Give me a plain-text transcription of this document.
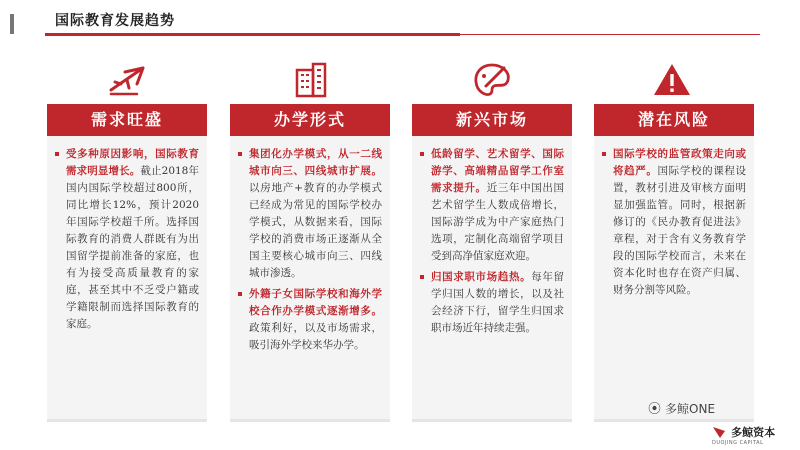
国际教育发展趋势
需求旺盛
受多种原因影响，国际教育需求明显增长。截止2018年国内国际学校超过800所，同比增长12%，预计2020年国际学校超千所。选择国际教育的消费人群既有为出国留学提前准备的家庭，也有为接受高质量教育的家庭，甚至其中不乏受户籍或学籍限制而选择国际教育的家庭。
办学形式
集团化办学模式，从一二线城市向三、四线城市扩展。以房地产+教育的办学模式已经成为常见的国际学校办学模式，从数据来看，国际学校的消费市场正逐渐从全国主要核心城市向三、四线城市渗透。
外籍子女国际学校和海外学校合作办学模式逐渐增多。政策利好，以及市场需求，吸引海外学校来华办学。
新兴市场
低龄留学、艺术留学、国际游学、高端精品留学工作室需求提升。近三年中国出国艺术留学生人数成倍增长，国际游学成为中产家庭热门选项，定制化高端留学项目受到高净值家庭欢迎。
归国求职市场趋热。每年留学归国人数的增长，以及社会经济下行，留学生归国求职市场近年持续走强。
潜在风险
国际学校的监管政策走向或将趋严。国际学校的课程设置，教材引进及审核方面明显加强监管。同时，根据新修订的《民办教育促进法》章程，对于含有义务教育学段的国际学校而言，未来在资本化时也存在资产归属、财务分割等风险。
⦿ 多鲸ONE
多鲸资本
DUOJING CAPITAL
